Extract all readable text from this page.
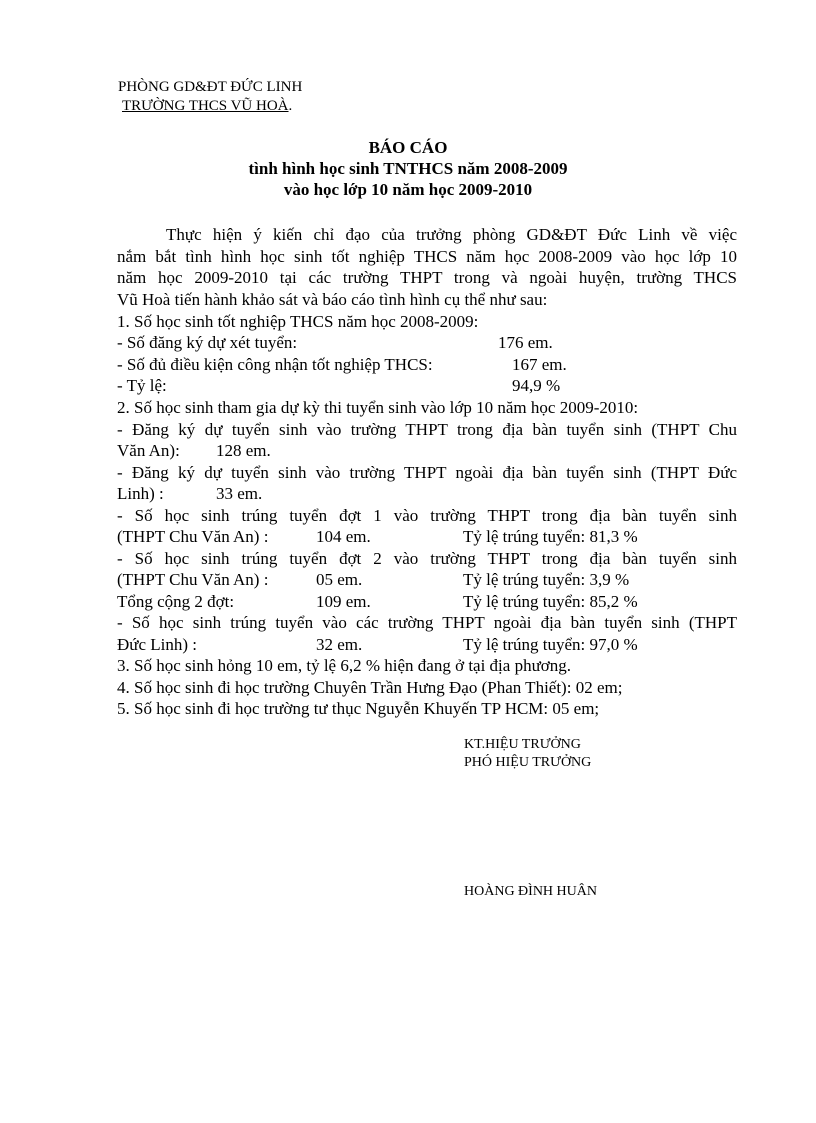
PHÒNG GD&ĐT ĐỨC LINH
TRƯỜNG THCS VŨ HOÀ.
BÁO CÁO
tình hình học sinh TNTHCS năm 2008-2009
vào học lớp 10 năm học 2009-2010
Thực hiện ý kiến chỉ đạo của trưởng phòng GD&ĐT Đức Linh về việc
nắm bắt tình hình học sinh tốt nghiệp THCS năm học 2008-2009 vào học lớp 10
năm học 2009-2010 tại các trường THPT trong và ngoài huyện, trường THCS
Vũ Hoà tiến hành khảo sát và báo cáo tình hình cụ thể như sau:
1. Số học sinh tốt nghiệp THCS năm học 2008-2009:
- Số đăng ký dự xét tuyển:	176 em.
- Số đủ điều kiện công nhận tốt nghiệp THCS:	167 em.
- Tỷ lệ:	94,9 %
2. Số học sinh tham gia dự kỳ thi tuyển sinh vào lớp 10 năm học 2009-2010:
- Đăng ký dự tuyển sinh vào trường THPT trong địa bàn tuyển sinh (THPT Chu
Văn An): 128 em.
- Đăng ký dự tuyển sinh vào trường THPT ngoài địa bàn tuyển sinh (THPT Đức
Linh) :	33 em.
- Số học sinh trúng tuyển đợt 1 vào trường THPT trong địa bàn tuyển sinh
(THPT Chu Văn An) :	104 em.	Tỷ lệ trúng tuyển: 81,3 %
- Số học sinh trúng tuyển đợt 2 vào trường THPT trong địa bàn tuyển sinh
(THPT Chu Văn An) :	05 em.	Tỷ lệ trúng tuyển: 3,9 %
Tổng cộng 2 đợt:	109 em.	Tỷ lệ trúng tuyển: 85,2 %
- Số học sinh trúng tuyển vào các trường THPT ngoài địa bàn tuyển sinh (THPT
Đức Linh) :	32 em.	Tỷ lệ trúng tuyển: 97,0 %
3. Số học sinh hỏng 10 em, tỷ lệ 6,2 % hiện đang ở tại địa phương.
4. Số học sinh đi học trường Chuyên Trần Hưng Đạo (Phan Thiết): 02 em;
5. Số học sinh đi học trường tư thục Nguyễn Khuyến TP HCM: 05 em;
KT.HIỆU TRƯỞNG
PHÓ HIỆU TRƯỞNG
HOÀNG ĐÌNH HUÂN
